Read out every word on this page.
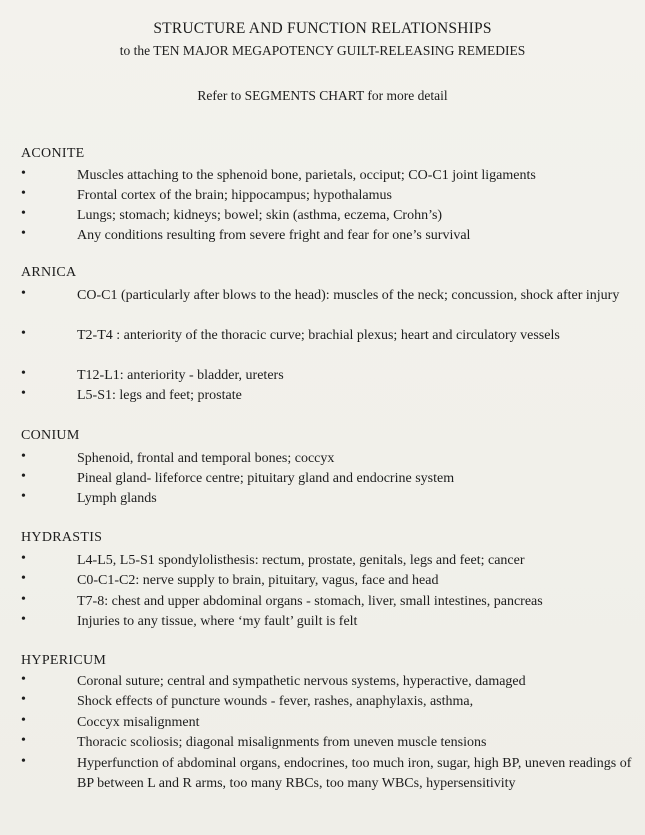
STRUCTURE AND FUNCTION RELATIONSHIPS
to the TEN MAJOR MEGAPOTENCY GUILT-RELEASING REMEDIES
Refer to SEGMENTS CHART for more detail
ACONITE
•	Muscles attaching to the sphenoid bone, parietals, occiput; CO-C1 joint ligaments
•	Frontal cortex of the brain; hippocampus; hypothalamus
•	Lungs; stomach; kidneys; bowel; skin (asthma, eczema, Crohn’s)
•	Any conditions resulting from severe fright and fear for one’s survival
ARNICA
•	CO-C1 (particularly after blows to the head): muscles of the neck; concussion, shock after injury
•	T2-T4 : anteriority of the thoracic curve; brachial plexus; heart and circulatory vessels
•	T12-L1: anteriority - bladder, ureters
•	L5-S1: legs and feet; prostate
CONIUM
•	Sphenoid, frontal and temporal bones; coccyx
•	Pineal gland- lifeforce centre; pituitary gland and endocrine system
•	Lymph glands
HYDRASTIS
•	L4-L5, L5-S1 spondylolisthesis: rectum, prostate, genitals, legs and feet; cancer
•	C0-C1-C2: nerve supply to brain, pituitary, vagus, face and head
•	T7-8: chest and upper abdominal organs - stomach, liver, small intestines, pancreas
•	Injuries to any tissue, where ‘my fault’ guilt is felt
HYPERICUM
•	Coronal suture; central and sympathetic nervous systems, hyperactive, damaged
•	Shock effects of puncture wounds - fever, rashes, anaphylaxis, asthma,
•	Coccyx misalignment
•	Thoracic scoliosis; diagonal misalignments from uneven muscle tensions
•	Hyperfunction of abdominal organs, endocrines, too much iron, sugar, high BP, uneven readings of BP between L and R arms, too many RBCs, too many WBCs, hypersensitivity
